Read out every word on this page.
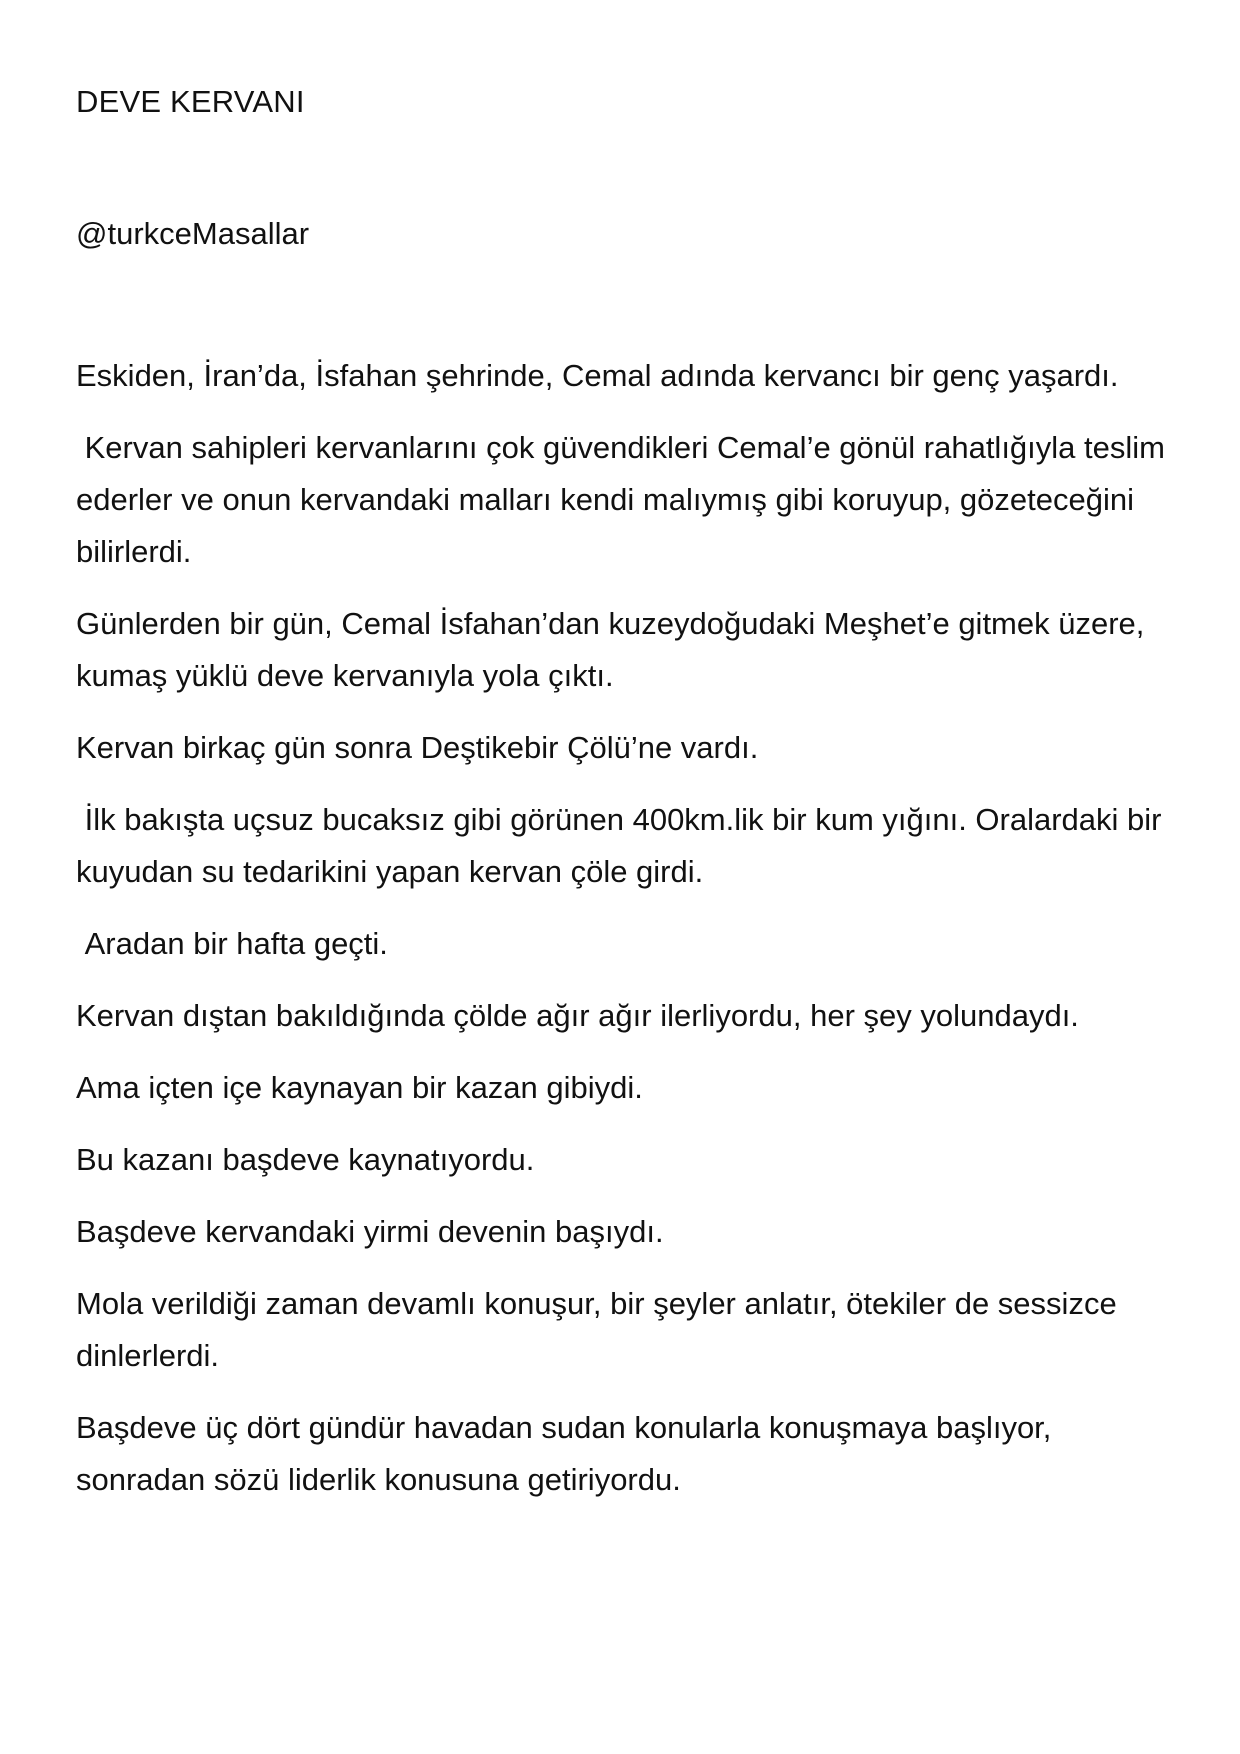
DEVE KERVANI
@turkceMasallar

Eskiden, İran’da, İsfahan şehrinde, Cemal adında kervancı bir genç yaşardı.

Kervan sahipleri kervanlarını çok güvendikleri Cemal’e gönül rahatlığıyla teslim ederler ve onun kervandaki malları kendi malıymış gibi koruyup, gözeteceğini bilirlerdi.

Günlerden bir gün, Cemal İsfahan’dan kuzeydoğudaki Meşhet’e gitmek üzere, kumaş yüklü deve kervanıyla yola çıktı.

Kervan birkaç gün sonra Deştikebir Çölü’ne vardı.

İlk bakışta uçsuz bucaksız gibi görünen 400km.lik bir kum yığını. Oralardaki bir kuyudan su tedarikini yapan kervan çöle girdi.

Aradan bir hafta geçti.

Kervan dıştan bakıldığında çölde ağır ağır ilerliyordu, her şey yolundaydı.

Ama içten içe kaynayan bir kazan gibiydi.

Bu kazanı başdeve kaynatıyordu.

Başdeve kervandaki yirmi devenin başıydı.

Mola verildiği zaman devamlı konuşur, bir şeyler anlatır, ötekiler de sessizce dinlerlerdi.

Başdeve üç dört gündür havadan sudan konularla konuşmaya başlıyor, sonradan sözü liderlik konusuna getiriyordu.
